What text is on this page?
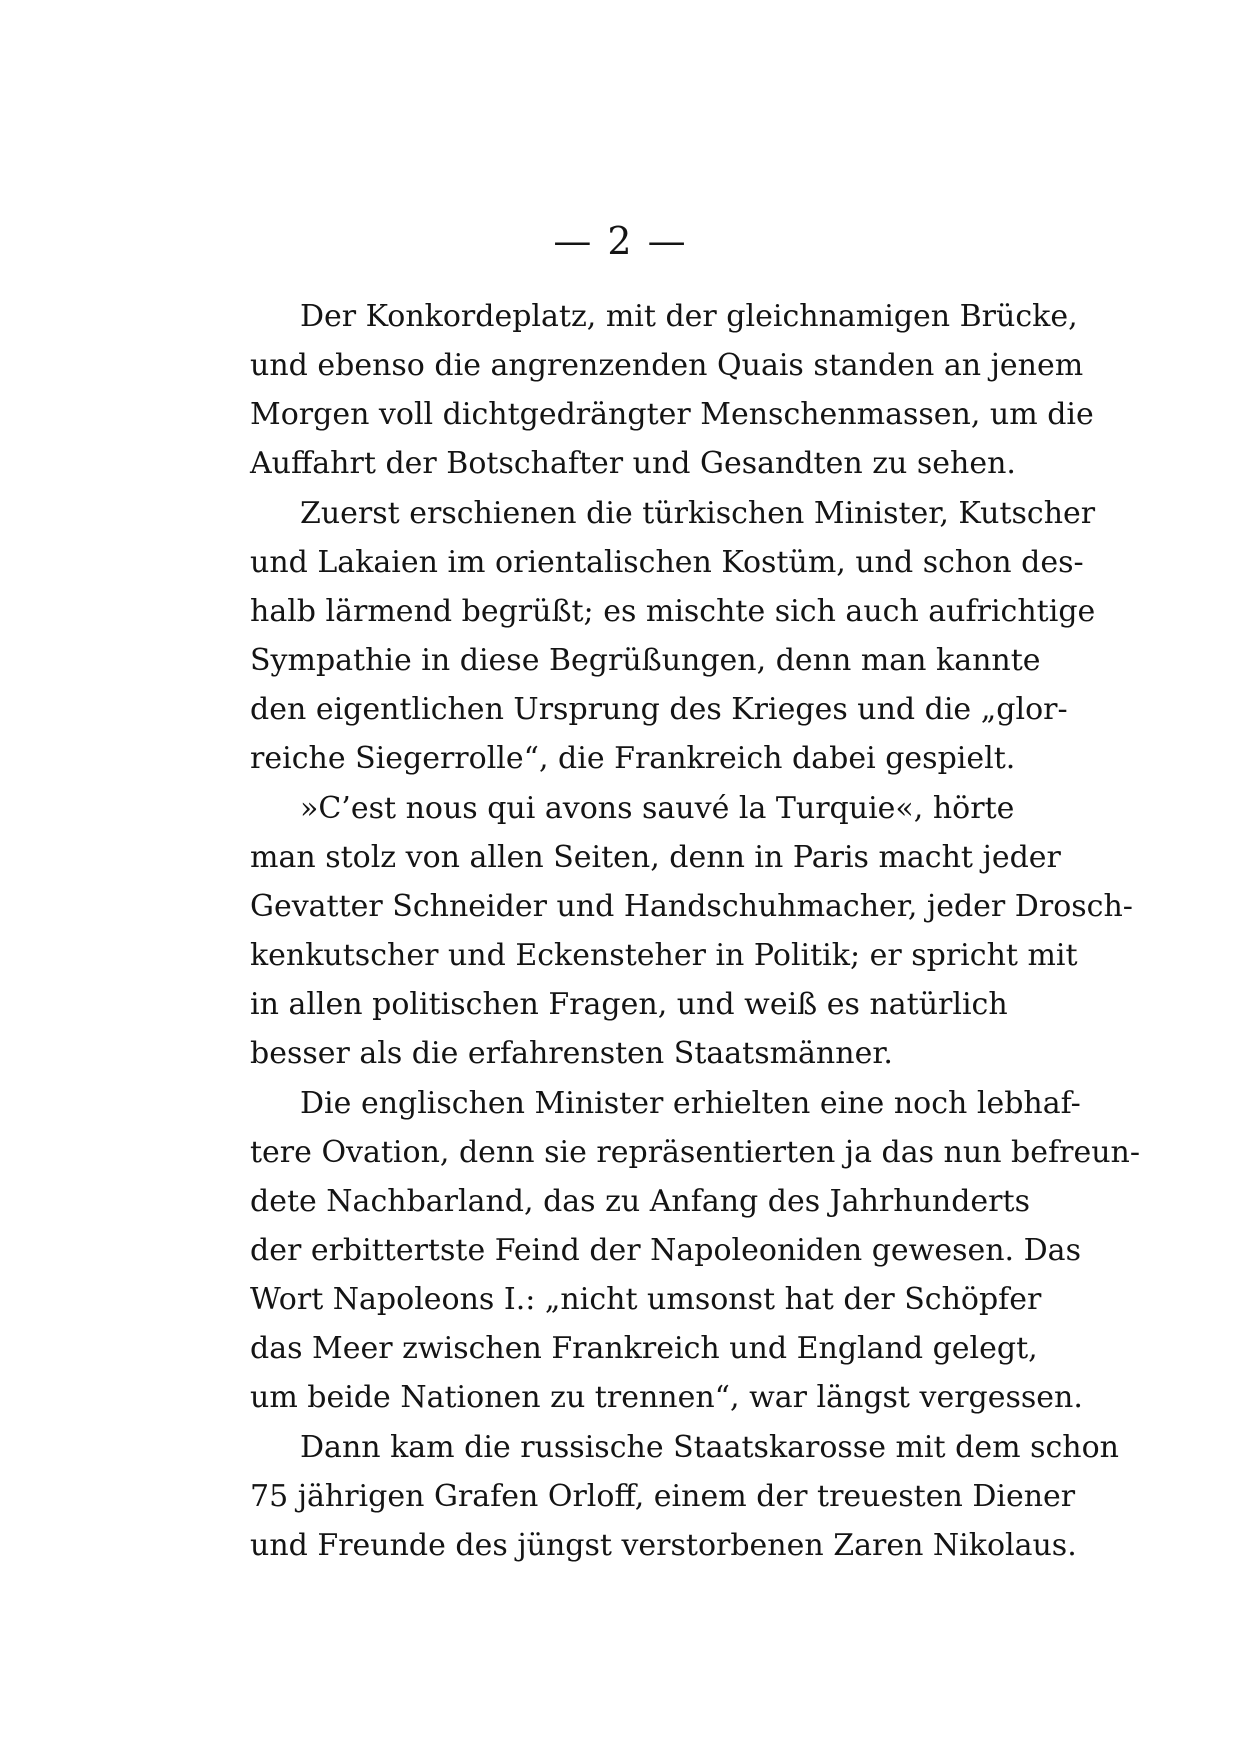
— 2 —
Der Konkordeplatz, mit der gleichnamigen Brücke,
und ebenso die angrenzenden Quais standen an jenem
Morgen voll dichtgedrängter Menschenmassen, um die
Auffahrt der Botschafter und Gesandten zu sehen.
Zuerst erschienen die türkischen Minister, Kutscher
und Lakaien im orientalischen Kostüm, und schon des-
halb lärmend begrüßt; es mischte sich auch aufrichtige
Sympathie in diese Begrüßungen, denn man kannte
den eigentlichen Ursprung des Krieges und die „glor-
reiche Siegerrolle“, die Frankreich dabei gespielt.
»C’est nous qui avons sauvé la Turquie«, hörte
man stolz von allen Seiten, denn in Paris macht jeder
Gevatter Schneider und Handschuhmacher, jeder Drosch-
kenkutscher und Eckensteher in Politik; er spricht mit
in allen politischen Fragen, und weiß es natürlich
besser als die erfahrensten Staatsmänner.
Die englischen Minister erhielten eine noch lebhaf-
tere Ovation, denn sie repräsentierten ja das nun befreun-
dete Nachbarland, das zu Anfang des Jahrhunderts
der erbittertste Feind der Napoleoniden gewesen. Das
Wort Napoleons I.: „nicht umsonst hat der Schöpfer
das Meer zwischen Frankreich und England gelegt,
um beide Nationen zu trennen“, war längst vergessen.
Dann kam die russische Staatskarosse mit dem schon
75 jährigen Grafen Orloff, einem der treuesten Diener
und Freunde des jüngst verstorbenen Zaren Nikolaus.
